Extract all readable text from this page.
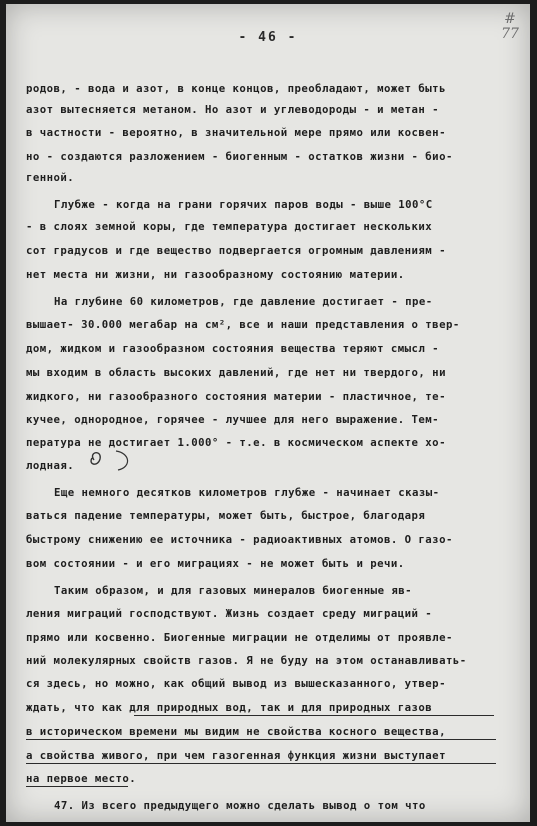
- 46 -
# 77
родов, - вода и азот, в конце концов, преобладают, может быть
азот вытесняется метаном. Но азот и углеводороды - и метан -
в частности - вероятно, в значительной мере прямо или косвен-
но - создаются разложением - биогенным - остатков жизни - био-
генной.
Глубже - когда на грани горячих паров воды - выше 100°С
- в слоях земной коры, где температура достигает нескольких
сот градусов и где вещество подвергается огромным давлениям -
нет места ни жизни, ни газообразному состоянию материи.
На глубине 60 километров, где давление достигает - пре-
вышает- 30.000 мегабар на см², все и наши представления о твер-
дом, жидком и газообразном состояния вещества теряют смысл -
мы входим в область высоких давлений, где нет ни твердого, ни
жидкого, ни газообразного состояния материи - пластичное, те-
кучее, однородное, горячее - лучшее для него выражение. Тем-
пература не достигает 1.000° - т.е. в космическом аспекте хо-
лодная.
Еще немного десятков километров глубже - начинает сказы-
ваться падение температуры, может быть, быстрое, благодаря
быстрому снижению ее источника - радиоактивных атомов. О газо-
вом состоянии - и его миграциях - не может быть и речи.
Таким образом, и для газовых минералов биогенные яв-
ления миграций господствуют. Жизнь создает среду миграций -
прямо или косвенно. Биогенные миграции не отделимы от проявле-
ний молекулярных свойств газов. Я не буду на этом останавливать-
ся здесь, но можно, как общий вывод из вышесказанного, утвер-
ждать, что как для природных вод, так и для природных газов
в историческом времени мы видим не свойства косного вещества,
а свойства живого, при чем газогенная функция жизни выступает
на первое место.
47. Из всего предыдущего можно сделать вывод о том что
